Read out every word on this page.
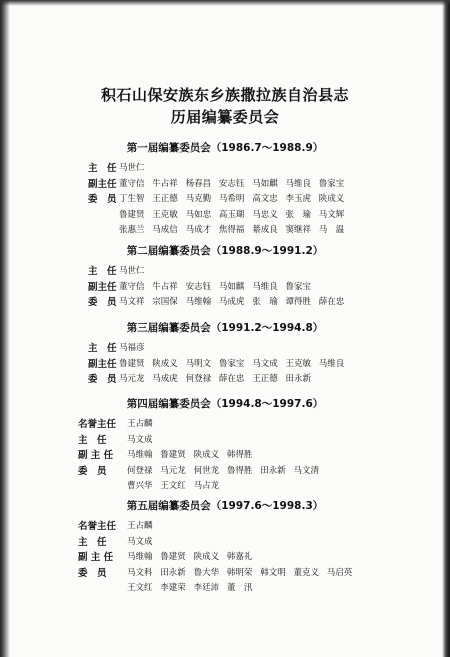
积石山保安族东乡族撒拉族自治县志
历届编纂委员会
第一届编纂委员会（1986.7～1988.9）
主　任 马世仁
副主任 董守信 牛占祥 杨春昌 安志钰 马如麒 马维良 鲁家宝
委　员 丁生智 王正德 马克勤 马希明 高文忠 李玉虎 陕成义
鲁建贤 王克敏 马如忠 高玉瑚 马忠义 张　瑜 马文辉
张惠兰 马成信 马成才 焦得福 綦成良 窦继祥 马　温
第二届编纂委员会（1988.9～1991.2）
主　任 马世仁
副主任 董守信 牛占祥 安志钰 马如麒 马维良 鲁家宝
委　员 马文祥 宗国保 马维翰 马成虎 张　瑜 谭得胜 薛在忠
第三届编纂委员会（1991.2～1994.8）
主　任 马福彦
副主任 鲁建贤 陕成义 马明文 鲁家宝 马文成 王克敏 马维良
委　员 马元龙 马成虎 何登禄 薛在忠 王正德 田永新
第四届编纂委员会（1994.8～1997.6）
名誉主任 王占麟
主　任 马文成
副 主 任 马维翰 鲁建贤 陕成义 韩得胜
委　员 何登禄 马元龙 何世龙 鲁得胜 田永新 马文清
曹兴华 王文红 马占龙
第五届编纂委员会（1997.6～1998.3）
名誉主任 王占麟
主　任 马文成
副 主 任 马维翰 鲁建贤 陕成义 韩嘉礼
委　员 马文科 田永新 鲁大华 韩明荣 韩文明 董克义 马启英
王文红 李建荣 李廷沛 董　汛
